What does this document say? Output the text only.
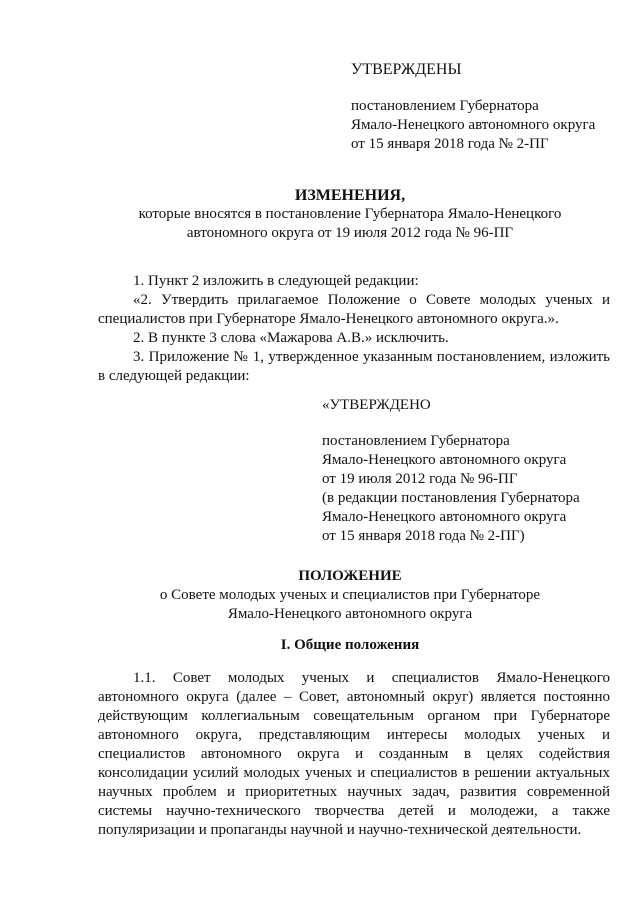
УТВЕРЖДЕНЫ
постановлением Губернатора
Ямало-Ненецкого автономного округа
от 15 января 2018 года № 2-ПГ
ИЗМЕНЕНИЯ,
которые вносятся в постановление Губернатора Ямало-Ненецкого
автономного округа от 19 июля 2012 года № 96-ПГ
1. Пункт 2 изложить в следующей редакции:
«2. Утвердить прилагаемое Положение о Совете молодых ученых и специалистов при Губернаторе Ямало-Ненецкого автономного округа.».
2. В пункте 3 слова «Мажарова А.В.» исключить.
3. Приложение № 1, утвержденное указанным постановлением, изложить в следующей редакции:
«УТВЕРЖДЕНО
постановлением Губернатора
Ямало-Ненецкого автономного округа
от 19 июля 2012 года № 96-ПГ
(в редакции постановления Губернатора
Ямало-Ненецкого автономного округа
от 15 января 2018 года № 2-ПГ)
ПОЛОЖЕНИЕ
о Совете молодых ученых и специалистов при Губернаторе
Ямало-Ненецкого автономного округа
I. Общие положения
1.1. Совет молодых ученых и специалистов Ямало-Ненецкого автономного округа (далее – Совет, автономный округ) является постоянно действующим коллегиальным совещательным органом при Губернаторе автономного округа, представляющим интересы молодых ученых и специалистов автономного округа и созданным в целях содействия консолидации усилий молодых ученых и специалистов в решении актуальных научных проблем и приоритетных научных задач, развития современной системы научно-технического творчества детей и молодежи, а также популяризации и пропаганды научной и научно-технической деятельности.
